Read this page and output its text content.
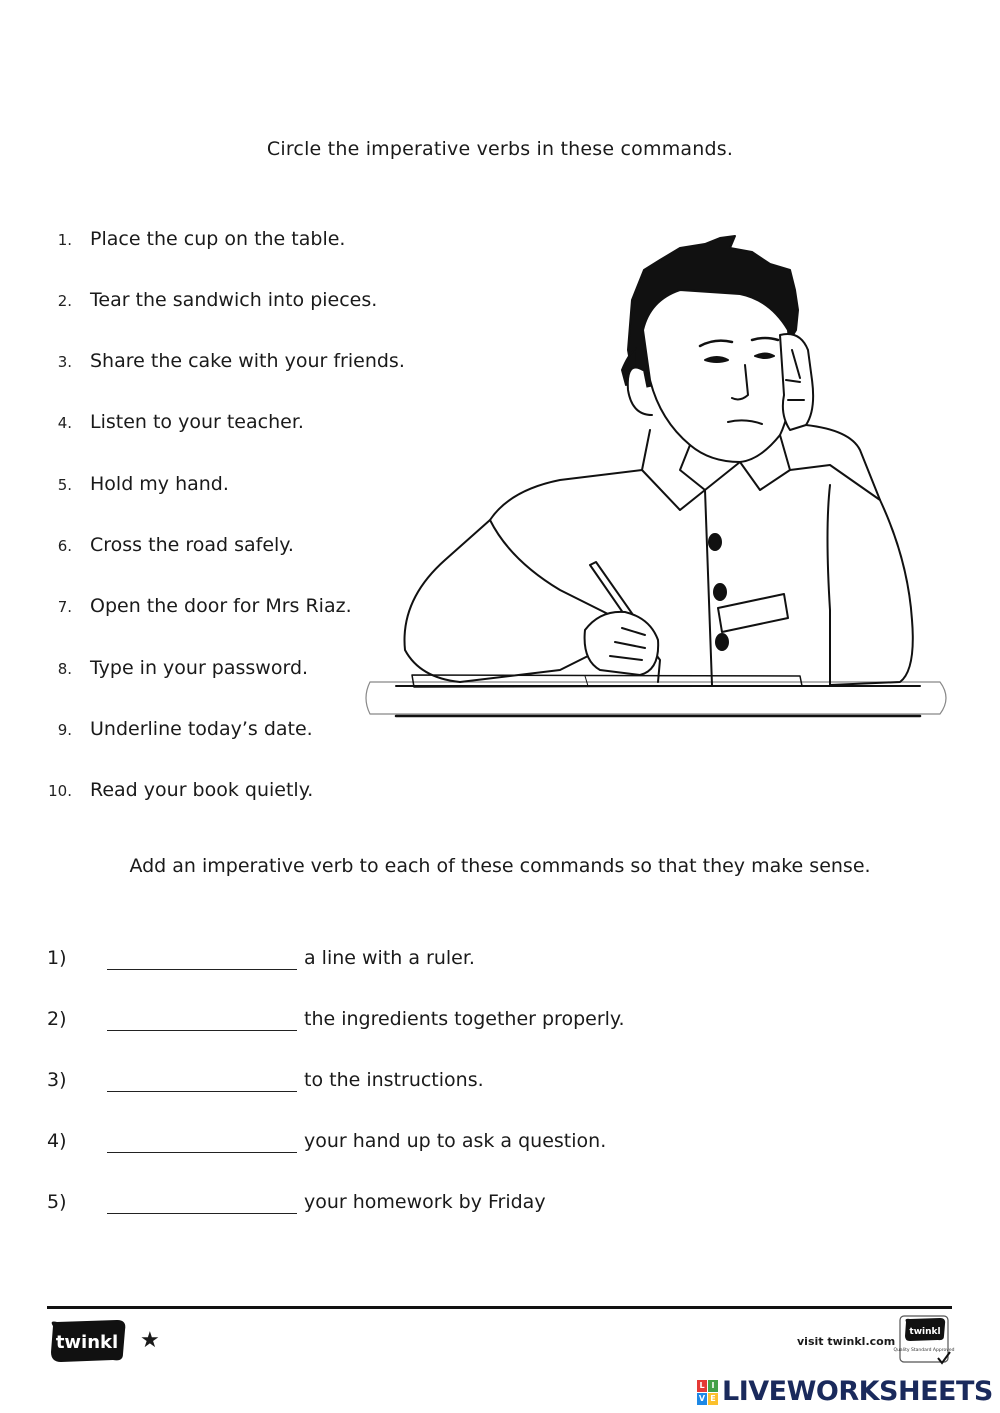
Circle the imperative verbs in these commands.
1. Place the cup on the table.
2. Tear the sandwich into pieces.
3. Share the cake with your friends.
4. Listen to your teacher.
5. Hold my hand.
6. Cross the road safely.
7. Open the door for Mrs Riaz.
8. Type in your password.
9. Underline today’s date.
10. Read your book quietly.
Add an imperative verb to each of these commands so that they make sense.
1)	a line with a ruler.
2)	the ingredients together properly.
3)	to the instructions.
4)	your hand up to ask a question.
5)	your homework by Friday
twinkl ★	visit twinkl.com
twinkl
Quality Standard Approved
L I
V E LIVEWORKSHEETS
